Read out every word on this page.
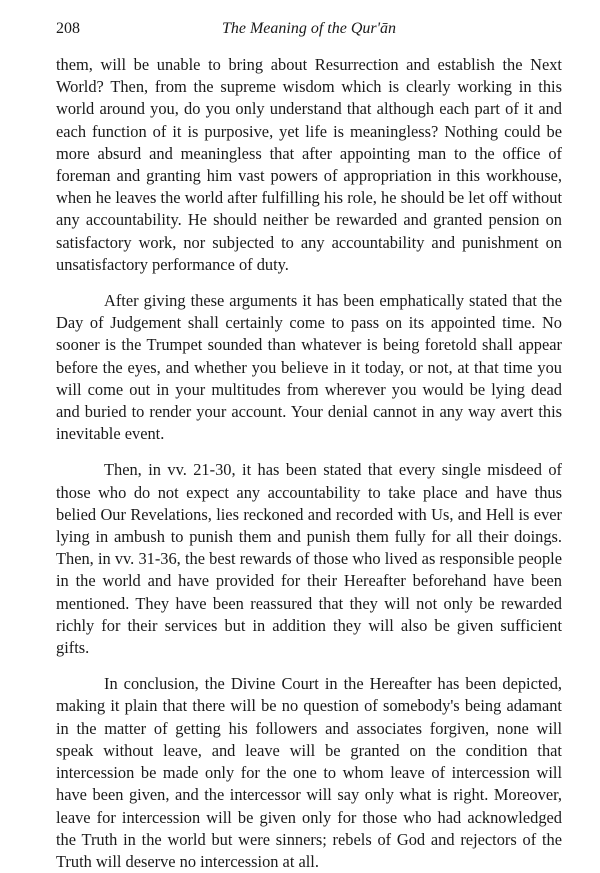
208	The Meaning of the Qur'ān

them, will be unable to bring about Resurrection and establish the Next World? Then, from the supreme wisdom which is clearly working in this world around you, do you only understand that although each part of it and each function of it is purposive, yet life is meaningless? Nothing could be more absurd and meaningless that after appointing man to the office of foreman and granting him vast powers of appropriation in this workhouse, when he leaves the world after fulfilling his role, he should be let off without any accountability. He should neither be rewarded and granted pension on satisfactory work, nor subjected to any accountability and punishment on unsatisfactory performance of duty.

After giving these arguments it has been emphatically stated that the Day of Judgement shall certainly come to pass on its appointed time. No sooner is the Trumpet sounded than whatever is being foretold shall appear before the eyes, and whether you believe in it today, or not, at that time you will come out in your multitudes from wherever you would be lying dead and buried to render your account. Your denial cannot in any way avert this inevitable event.

Then, in vv. 21-30, it has been stated that every single misdeed of those who do not expect any accountability to take place and have thus belied Our Revelations, lies reckoned and recorded with Us, and Hell is ever lying in ambush to punish them and punish them fully for all their doings. Then, in vv. 31-36, the best rewards of those who lived as responsible people in the world and have provided for their Hereafter beforehand have been mentioned. They have been reassured that they will not only be rewarded richly for their services but in addition they will also be given sufficient gifts.

In conclusion, the Divine Court in the Hereafter has been depicted, making it plain that there will be no question of somebody's being adamant in the matter of getting his followers and associates forgiven, none will speak without leave, and leave will be granted on the condition that intercession be made only for the one to whom leave of intercession will have been given, and the intercessor will say only what is right. Moreover, leave for intercession will be given only for those who had acknowledged the Truth in the world but were sinners; rebels of God and rejectors of the Truth will deserve no intercession at all.
